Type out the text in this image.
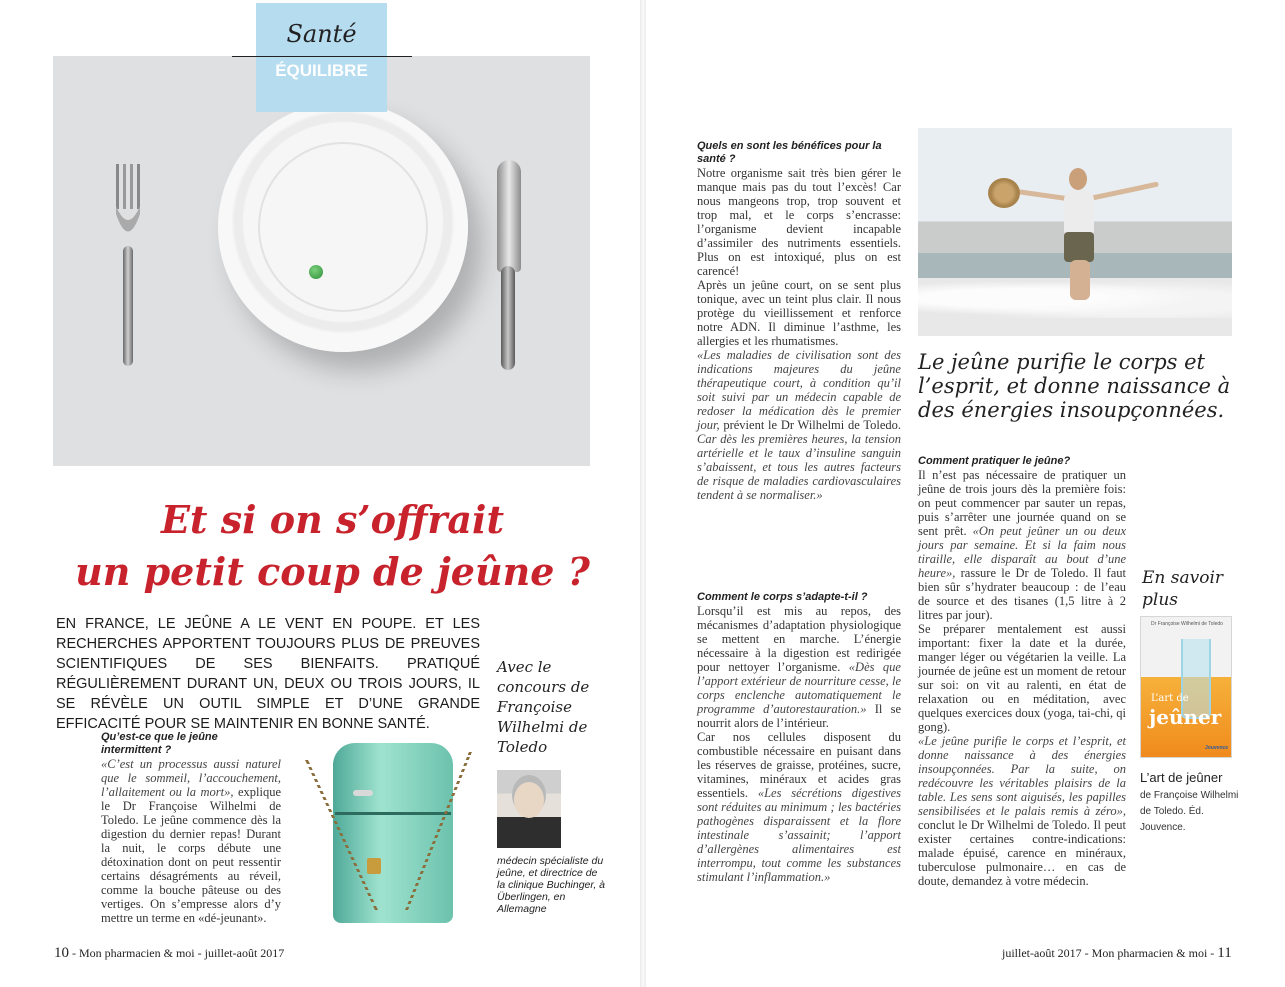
Santé
ÉQUILIBRE
Et si on s’offrait
un petit coup de jeûne ?
EN FRANCE, LE JEÛNE A LE VENT EN POUPE. ET LES RECHERCHES APPORTENT TOUJOURS PLUS DE PREUVES SCIENTIFIQUES DE SES BIENFAITS. PRATIQUÉ RÉGULIÈREMENT DURANT UN, DEUX OU TROIS JOURS, IL SE RÉVÈLE UN OUTIL SIMPLE ET D’UNE GRANDE EFFICACITÉ POUR SE MAINTENIR EN BONNE SANTÉ.
Qu’est-ce que le jeûne intermittent ?

«C’est un processus aussi naturel que le sommeil, l’accouchement, l’allaitement ou la mort», explique le Dr Françoise Wilhelmi de Toledo. Le jeûne commence dès la digestion du dernier repas! Durant la nuit, le corps débute une détoxination dont on peut ressentir certains désagréments au réveil, comme la bouche pâteuse ou des vertiges. On s’empresse alors d’y mettre un terme en «dé-jeunant».

Avec le concours de Françoise Wilhelmi de Toledo
médecin spécialiste du jeûne, et directrice de la clinique Buchinger, à Überlingen, en Allemagne
10 - Mon pharmacien & moi - juillet-août 2017	juillet-août 2017 - Mon pharmacien & moi - 11
Quels en sont les bénéfices pour la santé ?

Notre organisme sait très bien gérer le manque mais pas du tout l’excès! Car nous mangeons trop, trop souvent et trop mal, et le corps s’encrasse: l’organisme devient incapable d’assimiler des nutriments essentiels. Plus on est intoxiqué, plus on est carencé!

Après un jeûne court, on se sent plus tonique, avec un teint plus clair. Il nous protège du vieillissement et renforce notre ADN. Il diminue l’asthme, les allergies et les rhumatismes.

«Les maladies de civilisation sont des indications majeures du jeûne thérapeutique court, à condition qu’il soit suivi par un médecin capable de redoser la médication dès le premier jour, prévient le Dr Wilhelmi de Toledo. Car dès les premières heures, la tension artérielle et le taux d’insuline sanguin s’abaissent, et tous les autres facteurs de risque de maladies cardiovasculaires tendent à se normaliser.»

Comment le corps s’adapte-t-il ?

Lorsqu’il est mis au repos, des mécanismes d’adaptation physiologique se mettent en marche. L’énergie nécessaire à la digestion est redirigée pour nettoyer l’organisme. «Dès que l’apport extérieur de nourriture cesse, le corps enclenche automatiquement le programme d’autorestauration.» Il se nourrit alors de l’intérieur.

Car nos cellules disposent du combustible nécessaire en puisant dans les réserves de graisse, protéines, sucre, vitamines, minéraux et acides gras essentiels. «Les sécrétions digestives sont réduites au minimum ; les bactéries pathogènes disparaissent et la flore intestinale s’assainit; l’apport d’allergènes alimentaires est interrompu, tout comme les substances stimulant l’inflammation.»

Le jeûne purifie le corps et l’esprit, et donne naissance à des énergies insoupçonnées.
Comment pratiquer le jeûne?

Il n’est pas nécessaire de pratiquer un jeûne de trois jours dès la première fois: on peut commencer par sauter un repas, puis s’arrêter une journée quand on se sent prêt. «On peut jeûner un ou deux jours par semaine. Et si la faim nous tiraille, elle disparaît au bout d’une heure», rassure le Dr de Toledo. Il faut bien sûr s’hydrater beaucoup : de l’eau de source et des tisanes (1,5 litre à 2 litres par jour).

Se préparer mentalement est aussi important: fixer la date et la durée, manger léger ou végétarien la veille. La journée de jeûne est un moment de retour sur soi: on vit au ralenti, en état de relaxation ou en méditation, avec quelques exercices doux (yoga, tai-chi, qi gong).

«Le jeûne purifie le corps et l’esprit, et donne naissance à des énergies insoupçonnées. Par la suite, on redécouvre les véritables plaisirs de la table. Les sens sont aiguisés, les papilles sensibilisées et le palais remis à zéro», conclut le Dr Wilhelmi de Toledo. Il peut exister certaines contre-indications: malade épuisé, carence en minéraux, tuberculose pulmonaire… en cas de doute, demandez à votre médecin.

En savoir plus
Dr Françoise Wilhelmi de Toledo
L’art de
jeûner
Jouvence
L’art de jeûner
de Françoise Wilhelmi de Toledo. Éd. Jouvence.
